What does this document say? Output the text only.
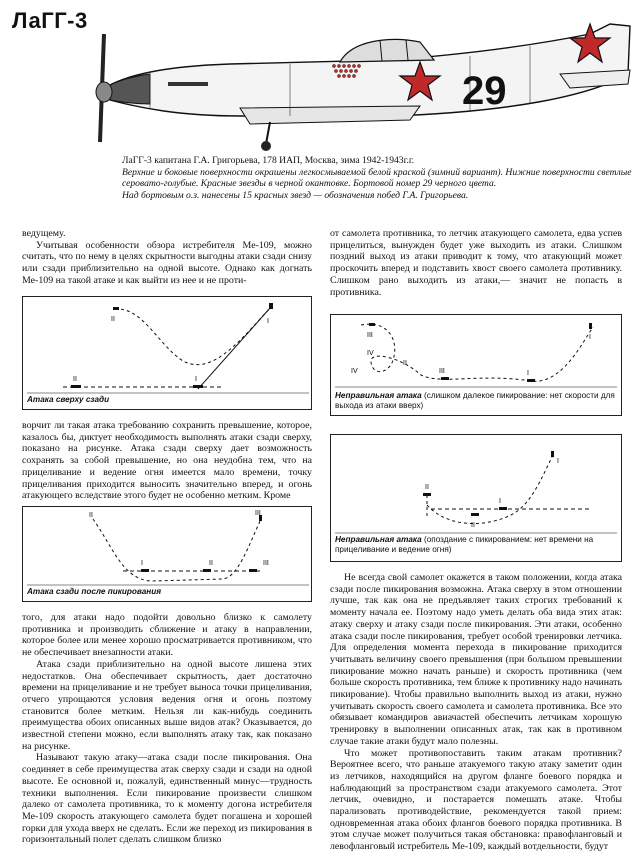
ЛаГГ-3
29
ЛаГГ-3 капитана Г.А. Григорьева, 178 ИАП, Москва, зима 1942-1943г.г.
Верхние и боковые поверхности окрашены легкосмываемой белой краской (зимний вариант). Нижние поверхности светлые серовато-голубые. Красные звезды в черной окантовке. Бортовой номер 29 черного цвета.
Над бортовым о.з. нанесены 15 красных звезд — обозначения побед Г.А. Григорьева.

ведущему.

Учитывая особенности обзора истребителя Ме-109, можно считать, что по нему в целях скрытности выгодны атаки сзади снизу или сзади приблизительно на одной высоте. Однако как догнать Ме-109 на такой атаке и как выйти из нее и не проти-

II	I
II	I
Атака сверху сзади

ворчит ли такая атака требованию сохранить превышение, которое, казалось бы, диктует необходимость выполнять атаки сзади сверху, показано на рисунке. Атака сзади сверху дает возможность сохранять за собой превышение, но она неудобна тем, что на прицеливание и ведение огня имеется мало времени, точку прицеливания приходится выносить значительно вперед, и огонь атакующего вследствие этого будет не особенно метким. Кроме

II
I	II	III
III
Атака сзади после пикирования

того, для атаки надо подойти довольно близко к самолету противника и производить сближение и атаку в направлении, которое более или менее хорошо просматривается противником, что не обеспечивает внезапности атаки.

Атака сзади приблизительно на одной высоте лишена этих недостатков. Она обеспечивает скрытность, дает достаточно времени на прицеливание и не требует выноса точки прицеливания, отчего упрощаются условия ведения огня и огонь позтому становится более метким. Нельзя ли как-нибудь соединить преимущества обоих описанных выше видов атак? Оказывается, до известной степени можно, если выполнять атаку так, как показано на рисунке.

Называют такую атаку—атака сзади после пикирования. Она соединяет в себе преимущества атак сверху сзади и сзади на одной высоте. Ее основной и, пожалуй, единственный минус—трудность техники выполнения. Если пикирование произвести слишком далеко от самолета противника, то к моменту догона истребителя Ме-109 скорость атакующего самолета будет погашена и хорошей горки для ухода вверх не сделать. Если же переход из пикирования в горизонтальный полет сделать слишком близко

от самолета противника, то летчик атакующего самолета, едва успев прицелиться, вынужден будет уже выходить из атаки. Слишком поздний выход из атаки приводит к тому, что атакующий может проскочить вперед и подставить хвост своего самолета противнику. Слишком рано выходить из атаки,— значит не попасть в противника.

III
IV
II
IV	III	I
I
Неправильная атака (слишком далекое пикирование: нет скорости для выхода из атаки вверх)
II
I
II
I
Неправильная атака (опоздание с пикированием: нет времени на прицеливание и ведение огня)

Не всегда свой самолет окажется в таком положении, когда атака сзади после пикирования возможна. Атака сверху в этом отношении лучше, так как она не предъявляет таких строгих требований к моменту начала ее. Поэтому надо уметь делать оба вида этих атак: атаку сверху и атаку сзади после пикирования. Эти атаки, особенно атака сзади после пикирования, требует особой тренировки летчика. Для определения момента перехода в пикирование приходится учитывать величину своего превышения (при большом превышении пикирование можно начать раньше) и скорость противника (чем больше скорость противника, тем ближе к противнику надо начинать пикирование). Чтобы правильно выполнить выход из атаки, нужно учитывать скорость своего самолета и самолета противника. Все это обязывает командиров авиачастей обеспечить летчикам хорошую тренировку в выполнении описанных атак, так как в противном случае такие атаки будут мало полезны.

Что может противопоставить таким атакам противник? Вероятнее всего, что раньше атакуемого такую атаку заметит один из летчиков, находящийся на другом фланге боевого порядка и наблюдающий за пространством сзади атакуемого самолета. Этот летчик, очевидно, и постарается помешать атаке. Чтобы парализовать противодействие, рекомендуется такой прием: одновременная атака обоих флангов боевого порядка противника. В этом случае может получиться такая обстановка: правофланговый и левофланговый истребитель Ме-109, каждый вотдельности, будут
